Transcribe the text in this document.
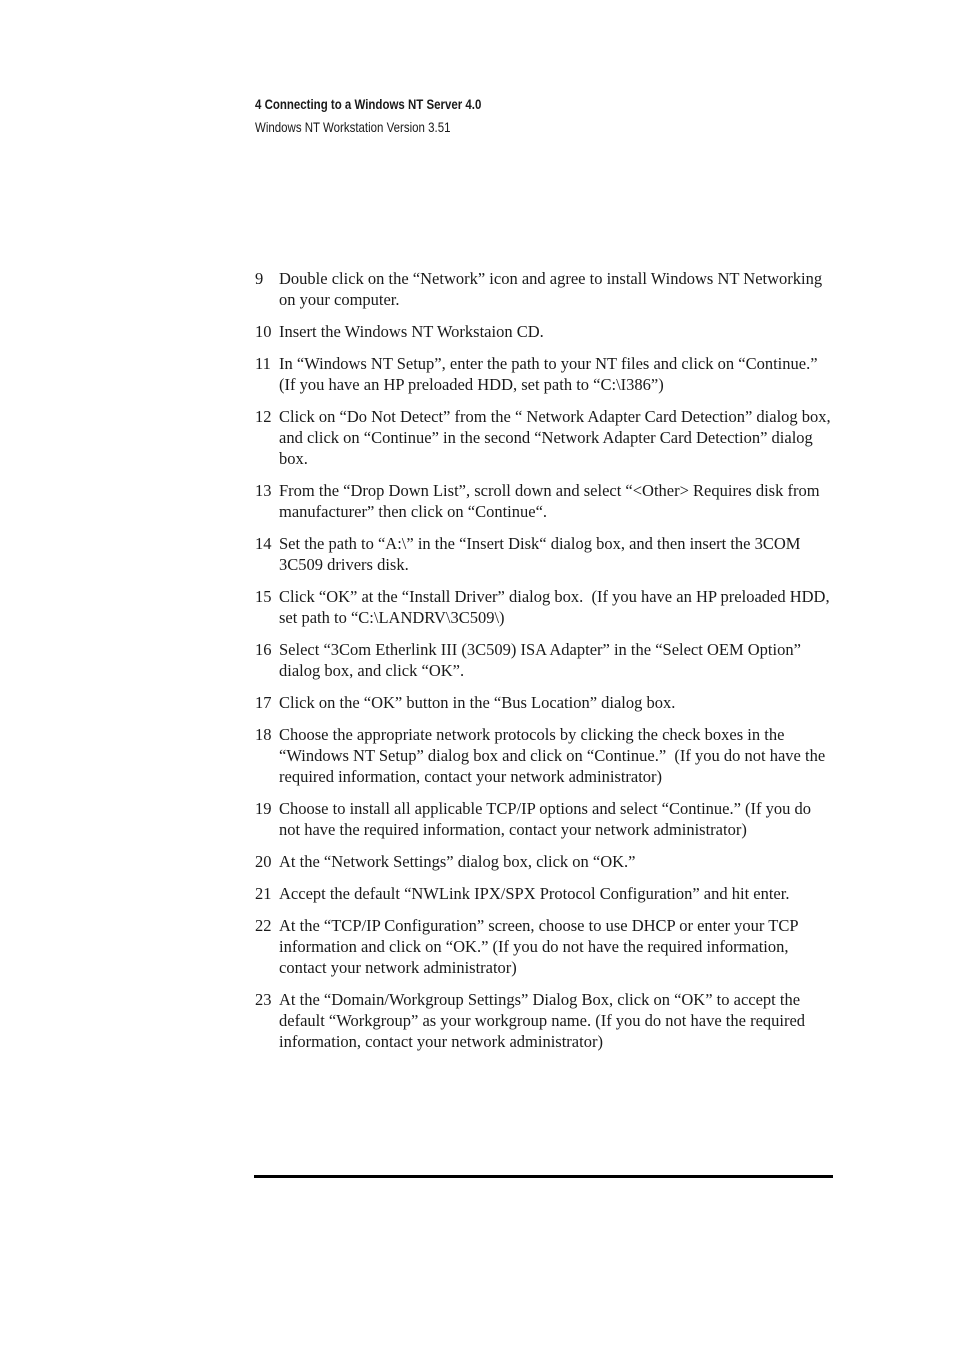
4 Connecting to a Windows NT Server 4.0
Windows NT Workstation Version 3.51
9 Double click on the “Network” icon and agree to install Windows NT Networking on your computer.
10 Insert the Windows NT Workstaion CD.
11 In “Windows NT Setup”, enter the path to your NT files and click on “Continue.”  (If you have an HP preloaded HDD, set path to “C:\I386”)
12 Click on “Do Not Detect” from the “ Network Adapter Card Detection” dialog box, and click on “Continue” in the second “Network Adapter Card Detection” dialog box.
13 From the “Drop Down List”, scroll down and select “<Other> Requires disk from manufacturer” then click on “Continue“.
14 Set the path to “A:\” in the “Insert Disk“ dialog box, and then insert the 3COM 3C509 drivers disk.
15 Click “OK” at the “Install Driver” dialog box.  (If you have an HP preloaded HDD, set path to “C:\LANDRV\3C509\)
16 Select “3Com Etherlink III (3C509) ISA Adapter” in the “Select OEM Option” dialog box, and click “OK”.
17 Click on the “OK” button in the “Bus Location” dialog box.
18 Choose the appropriate network protocols by clicking the check boxes in the “Windows NT Setup” dialog box and click on “Continue.”  (If you do not have the required information, contact your network administrator)
19 Choose to install all applicable TCP/IP options and select “Continue.” (If you do not have the required information, contact your network administrator)
20 At the “Network Settings” dialog box, click on “OK.”
21 Accept the default “NWLink IPX/SPX Protocol Configuration” and hit enter.
22 At the “TCP/IP Configuration” screen, choose to use DHCP or enter your TCP information and click on “OK.” (If you do not have the required information, contact your network administrator)
23 At the “Domain/Workgroup Settings” Dialog Box, click on “OK” to accept the default “Workgroup” as your workgroup name. (If you do not have the required information, contact your network administrator)
